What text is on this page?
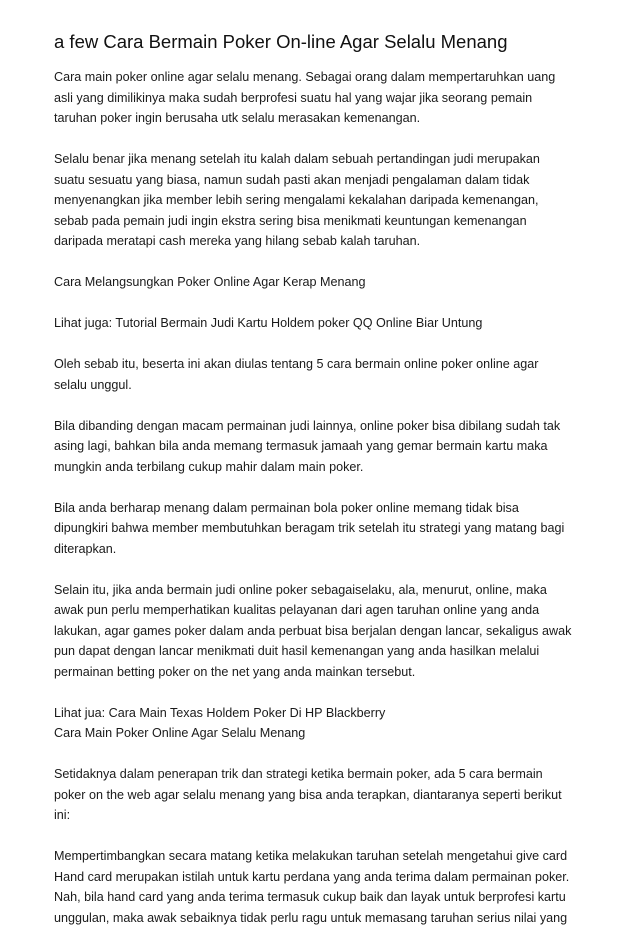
a few Cara Bermain Poker On-line Agar Selalu Menang

Cara main poker online agar selalu menang. Sebagai orang dalam mempertaruhkan uang
asli yang dimilikinya maka sudah berprofesi suatu hal yang wajar jika seorang pemain
taruhan poker ingin berusaha utk selalu merasakan kemenangan.

Selalu benar jika menang setelah itu kalah dalam sebuah pertandingan judi merupakan
suatu sesuatu yang biasa, namun sudah pasti akan menjadi pengalaman dalam tidak
menyenangkan jika member lebih sering mengalami kekalahan daripada kemenangan,
sebab pada pemain judi ingin ekstra sering bisa menikmati keuntungan kemenangan
daripada meratapi cash mereka yang hilang sebab kalah taruhan.

Cara Melangsungkan Poker Online Agar Kerap Menang

Lihat juga: Tutorial Bermain Judi Kartu Holdem poker QQ Online Biar Untung

Oleh sebab itu, beserta ini akan diulas tentang 5 cara bermain online poker online agar
selalu unggul.

Bila dibanding dengan macam permainan judi lainnya, online poker bisa dibilang sudah tak
asing lagi, bahkan bila anda memang termasuk jamaah yang gemar bermain kartu maka
mungkin anda terbilang cukup mahir dalam main poker.

Bila anda berharap menang dalam permainan bola poker online memang tidak bisa
dipungkiri bahwa member membutuhkan beragam trik setelah itu strategi yang matang bagi
diterapkan.

Selain itu, jika anda bermain judi online poker sebagaiselaku, ala, menurut, online, maka
awak pun perlu memperhatikan kualitas pelayanan dari agen taruhan online yang anda
lakukan, agar games poker dalam anda perbuat bisa berjalan dengan lancar, sekaligus awak
pun dapat dengan lancar menikmati duit hasil kemenangan yang anda hasilkan melalui
permainan betting poker on the net yang anda mainkan tersebut.

Lihat jua: Cara Main Texas Holdem Poker Di HP Blackberry
Cara Main Poker Online Agar Selalu Menang

Setidaknya dalam penerapan trik dan strategi ketika bermain poker, ada 5 cara bermain
poker on the web agar selalu menang yang bisa anda terapkan, diantaranya seperti berikut
ini:

Mempertimbangkan secara matang ketika melakukan taruhan setelah mengetahui give card
Hand card merupakan istilah untuk kartu perdana yang anda terima dalam permainan poker.
Nah, bila hand card yang anda terima termasuk cukup baik dan layak untuk berprofesi kartu
unggulan, maka awak sebaiknya tidak perlu ragu untuk memasang taruhan serius nilai yang
